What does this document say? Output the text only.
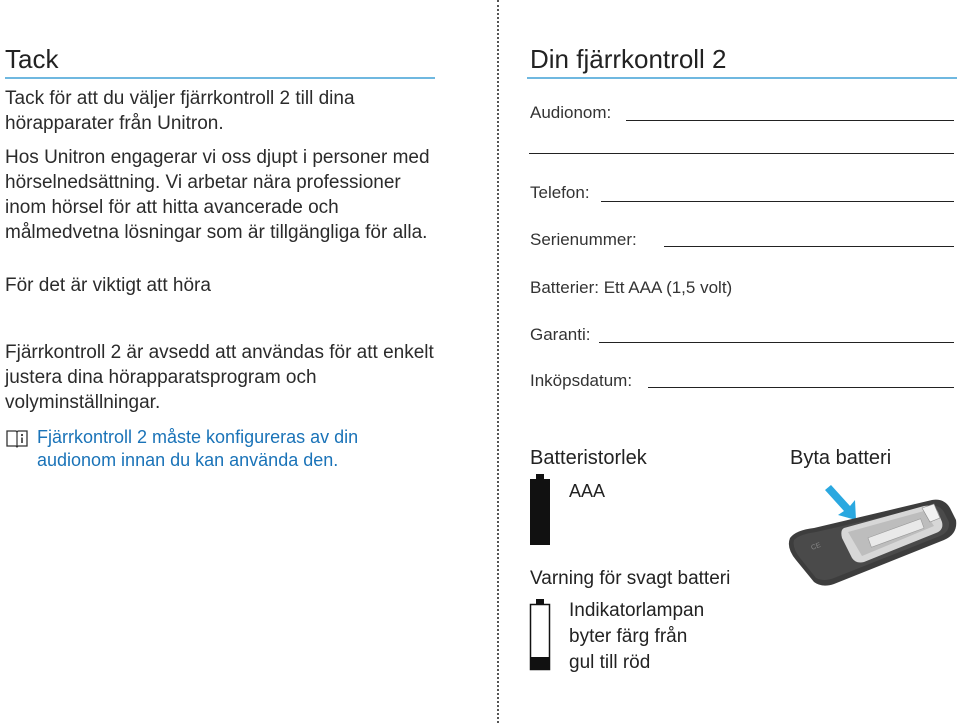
Tack

Tack för att du väljer fjärrkontroll 2 till dina hörapparater från Unitron.

Hos Unitron engagerar vi oss djupt i personer med hörselnedsättning. Vi arbetar nära professioner inom hörsel för att hitta avancerade och målmedvetna lösningar som är tillgängliga för alla.

För det är viktigt att höra

Fjärrkontroll 2 är avsedd att användas för att enkelt justera dina hörapparatsprogram och volyminställningar.

Fjärrkontroll 2 måste konfigureras av din audionom innan du kan använda den.

Din fjärrkontroll 2
Audionom:
Telefon:
Serienummer:
Batterier: Ett AAA (1,5 volt)
Garanti:
Inköpsdatum:
Batteristorlek
AAA
Byta batteri
CE
Varning för svagt batteri
Indikatorlampan
byter färg från
gul till röd
